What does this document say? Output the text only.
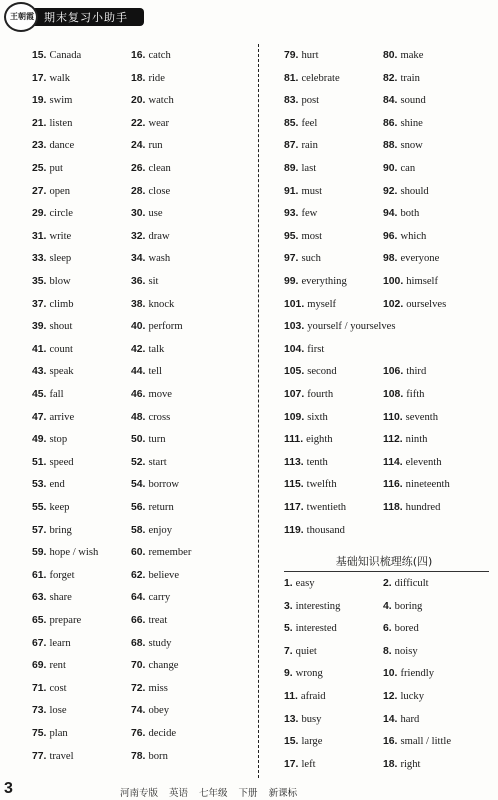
期末复习小助手
王朝霞
15. Canada
17. walk
19. swim
21. listen
23. dance
25. put
27. open
29. circle
31. write
33. sleep
35. blow
37. climb
39. shout
41. count
43. speak
45. fall
47. arrive
49. stop
51. speed
53. end
55. keep
57. bring
59. hope / wish
61. forget
63. share
65. prepare
67. learn
69. rent
71. cost
73. lose
75. plan
77. travel
16. catch
18. ride
20. watch
22. wear
24. run
26. clean
28. close
30. use
32. draw
34. wash
36. sit
38. knock
40. perform
42. talk
44. tell
46. move
48. cross
50. turn
52. start
54. borrow
56. return
58. enjoy
60. remember
62. believe
64. carry
66. treat
68. study
70. change
72. miss
74. obey
76. decide
78. born
79. hurt
81. celebrate
83. post
85. feel
87. rain
89. last
91. must
93. few
95. most
97. such
99. everything
101. myself
103. yourself / yourselves
104. first
105. second
107. fourth
109. sixth
111. eighth
113. tenth
115. twelfth
117. twentieth
119. thousand
80. make
82. train
84. sound
86. shine
88. snow
90. can
92. should
94. both
96. which
98. everyone
100. himself
102. ourselves
106. third
108. fifth
110. seventh
112. ninth
114. eleventh
116. nineteenth
118. hundred
1. easy
3. interesting
5. interested
7. quiet
9. wrong
11. afraid
13. busy
15. large
17. left
2. difficult
4. boring
6. bored
8. noisy
10. friendly
12. lucky
14. hard
16. small / little
18. right
基础知识梳理练(四)
3	河南专版 英语 七年级 下册 新课标
